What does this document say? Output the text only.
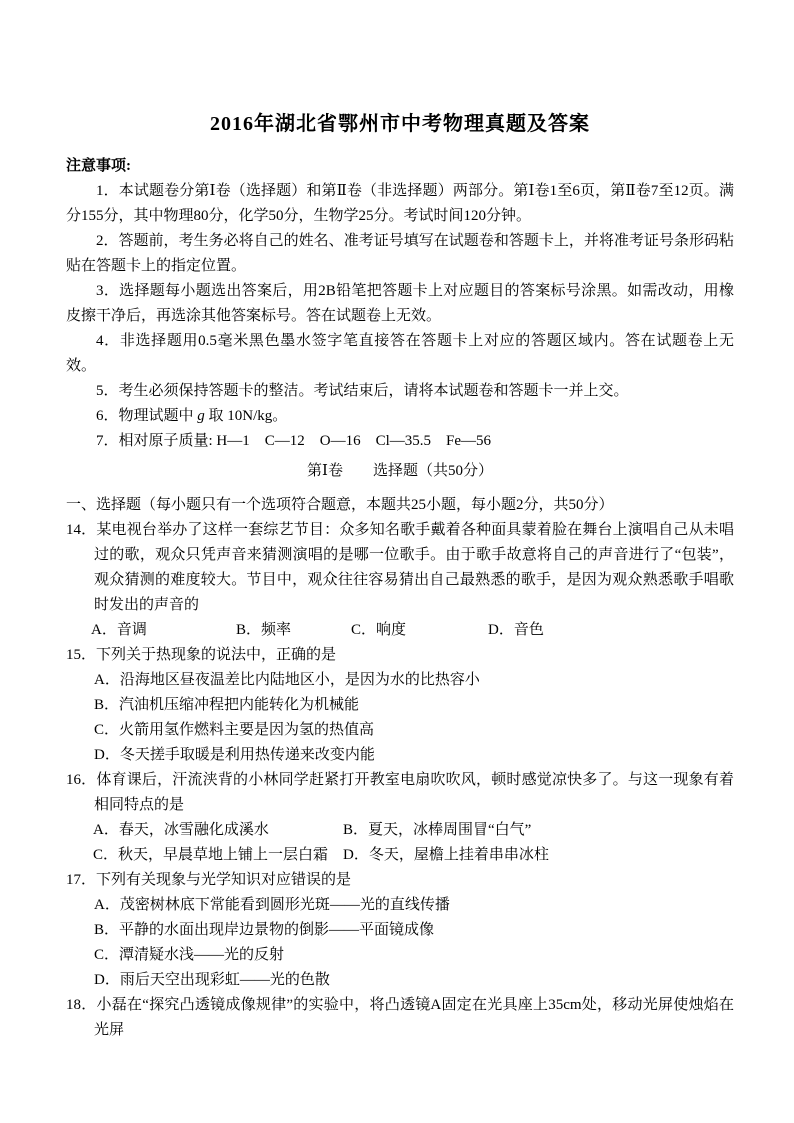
2016年湖北省鄂州市中考物理真题及答案

注意事项:

1．本试题卷分第Ⅰ卷（选择题）和第Ⅱ卷（非选择题）两部分。第Ⅰ卷1至6页，第Ⅱ卷7至12页。满分155分，其中物理80分，化学50分，生物学25分。考试时间120分钟。

2．答题前，考生务必将自己的姓名、准考证号填写在试题卷和答题卡上，并将准考证号条形码粘贴在答题卡上的指定位置。

3．选择题每小题选出答案后，用2B铅笔把答题卡上对应题目的答案标号涂黑。如需改动，用橡皮擦干净后，再选涂其他答案标号。答在试题卷上无效。

4．非选择题用0.5毫米黑色墨水签字笔直接答在答题卡上对应的答题区域内。答在试题卷上无效。

5．考生必须保持答题卡的整洁。考试结束后，请将本试题卷和答题卡一并上交。

6．物理试题中 g 取 10N/kg。

7．相对原子质量: H—1　C—12　O—16　Cl—35.5　Fe—56

第Ⅰ卷　　选择题（共50分）

一、选择题（每小题只有一个选项符合题意，本题共25小题，每小题2分，共50分）

14．某电视台举办了这样一套综艺节目：众多知名歌手戴着各种面具蒙着脸在舞台上演唱自己从未唱过的歌，观众只凭声音来猜测演唱的是哪一位歌手。由于歌手故意将自己的声音进行了“包装”，观众猜测的难度较大。节目中，观众往往容易猜出自己最熟悉的歌手，是因为观众熟悉歌手唱歌时发出的声音的

A．音调	B．频率	C．响度	D．音色

15．下列关于热现象的说法中，正确的是

A．沿海地区昼夜温差比内陆地区小，是因为水的比热容小

B．汽油机压缩冲程把内能转化为机械能

C．火箭用氢作燃料主要是因为氢的热值高

D．冬天搓手取暖是利用热传递来改变内能

16．体育课后，汗流浃背的小林同学赶紧打开教室电扇吹吹风，顿时感觉凉快多了。与这一现象有着相同特点的是

A．春天，冰雪融化成溪水	B．夏天，冰棒周围冒“白气”
C．秋天，早晨草地上铺上一层白霜 D．冬天，屋檐上挂着串串冰柱

17．下列有关现象与光学知识对应错误的是

A．茂密树林底下常能看到圆形光斑——光的直线传播

B．平静的水面出现岸边景物的倒影——平面镜成像

C．潭清疑水浅——光的反射

D．雨后天空出现彩虹——光的色散

18．小磊在“探究凸透镜成像规律”的实验中，将凸透镜A固定在光具座上35cm处，移动光屏使烛焰在光屏
